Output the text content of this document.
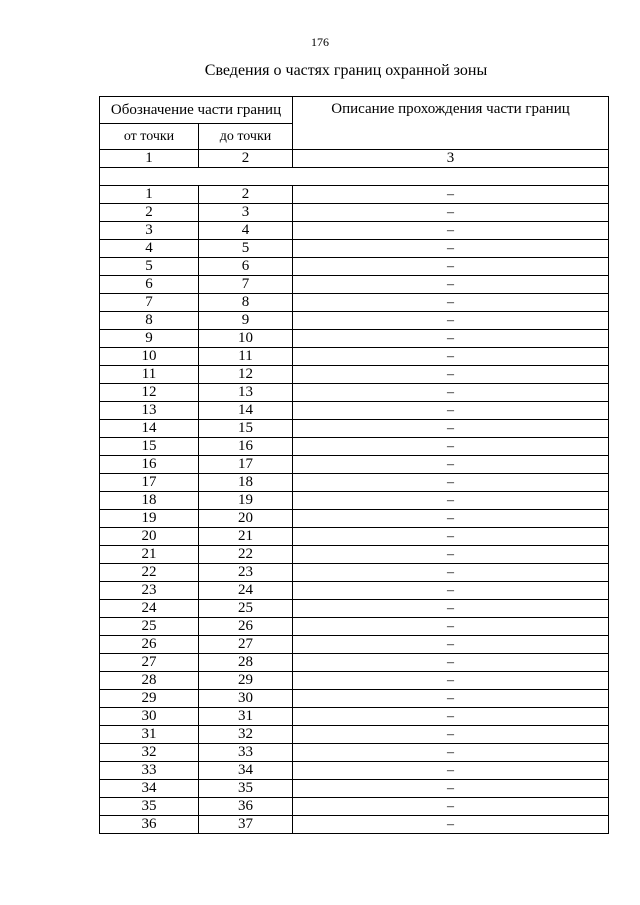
176
Сведения о частях границ охранной зоны
Обозначение части границ		Описание прохождения части границ
от точки	до точки	
1	2	3

1	2	–
2	3	–
3	4	–
4	5	–
5	6	–
6	7	–
7	8	–
8	9	–
9	10	–
10	11	–
11	12	–
12	13	–
13	14	–
14	15	–
15	16	–
16	17	–
17	18	–
18	19	–
19	20	–
20	21	–
21	22	–
22	23	–
23	24	–
24	25	–
25	26	–
26	27	–
27	28	–
28	29	–
29	30	–
30	31	–
31	32	–
32	33	–
33	34	–
34	35	–
35	36	–
36	37	–
